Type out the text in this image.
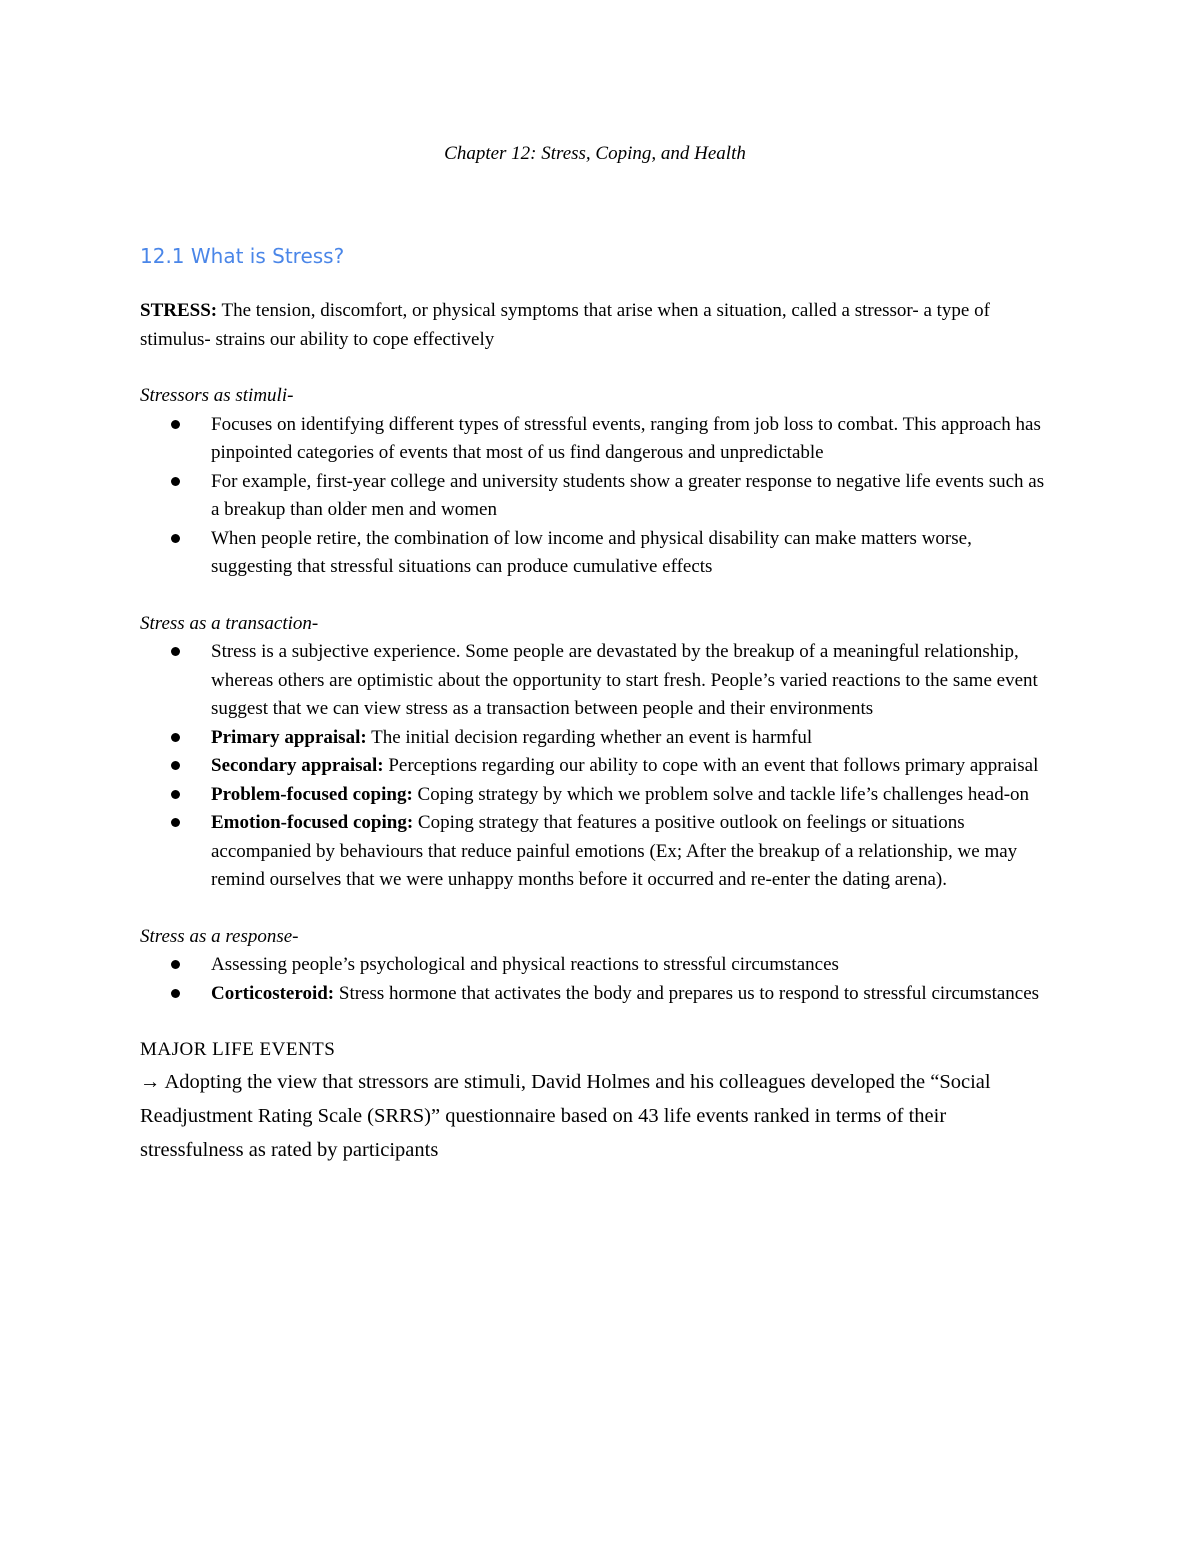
Chapter 12: Stress, Coping, and Health

12.1 What is Stress?

STRESS: The tension, discomfort, or physical symptoms that arise when a situation, called a stressor- a type of stimulus- strains our ability to cope effectively

Stressors as stimuli-

Focuses on identifying different types of stressful events, ranging from job loss to combat. This approach has pinpointed categories of events that most of us find dangerous and unpredictable
For example, first-year college and university students show a greater response to negative life events such as a breakup than older men and women
When people retire, the combination of low income and physical disability can make matters worse, suggesting that stressful situations can produce cumulative effects

Stress as a transaction-

Stress is a subjective experience. Some people are devastated by the breakup of a meaningful relationship, whereas others are optimistic about the opportunity to start fresh. People’s varied reactions to the same event suggest that we can view stress as a transaction between people and their environments
Primary appraisal: The initial decision regarding whether an event is harmful
Secondary appraisal: Perceptions regarding our ability to cope with an event that follows primary appraisal
Problem-focused coping: Coping strategy by which we problem solve and tackle life’s challenges head-on
Emotion-focused coping: Coping strategy that features a positive outlook on feelings or situations accompanied by behaviours that reduce painful emotions (Ex; After the breakup of a relationship, we may remind ourselves that we were unhappy months before it occurred and re-enter the dating arena).

Stress as a response-

Assessing people’s psychological and physical reactions to stressful circumstances
Corticosteroid: Stress hormone that activates the body and prepares us to respond to stressful circumstances

MAJOR LIFE EVENTS

→ Adopting the view that stressors are stimuli, David Holmes and his colleagues developed the “Social Readjustment Rating Scale (SRRS)” questionnaire based on 43 life events ranked in terms of their stressfulness as rated by participants
